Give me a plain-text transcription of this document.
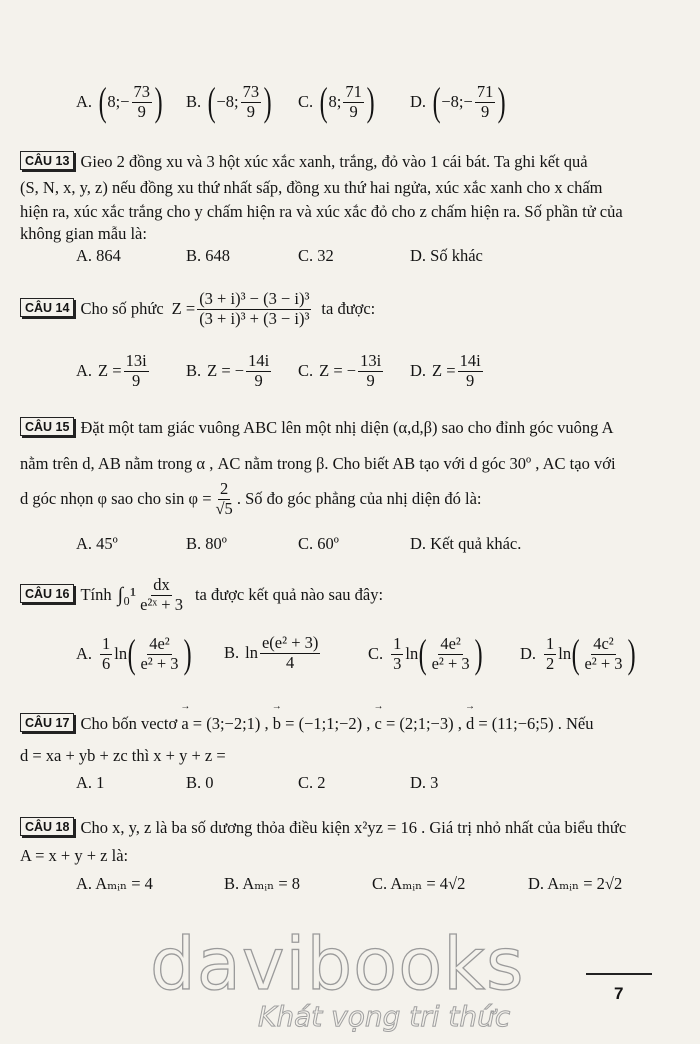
A. ( 8;− $\frac{73}{9}$ ) B. ( −8; $\frac{73}{9}$ ) C. ( 8; $\frac{71}{9}$ ) D. ( −8;− $\frac{71}{9}$ )
CÂU 13 Gieo 2 đồng xu và 3 hột xúc xắc xanh, trắng, đỏ vào 1 cái bát. Ta ghi kết quả
(S, N, x, y, z) nếu đồng xu thứ nhất sấp, đồng xu thứ hai ngửa, xúc xắc xanh cho x chấm
hiện ra, xúc xắc trắng cho y chấm hiện ra và xúc xắc đỏ cho z chấm hiện ra. Số phần tử của
không gian mẫu là:
A. 864	B. 648	C. 32	D. Số khác
CÂU 14 Cho số phức $Z = \frac{\text{(3 + i)³ − (3 − i)³}}{\text{(3 + i)³ + (3 − i)³}}$ ta được:
A. $Z = \frac{13i}{9} B$. Z = − $\frac{14i}{9} C$. Z = − $\frac{13i}{9} D$. $Z = \frac{14i}{9}$
CÂU 15 Đặt một tam giác vuông ABC lên một nhị diện (α,d,β) sao cho đỉnh góc vuông A
nằm trên d, AB nằm trong α , AC nằm trong β. Cho biết AB tạo với d góc 30º , AC tạo với
d góc nhọn φ sao cho $\sin \varphi = \frac{2}{√5}$ . Số đo góc phẳng của nhị diện đó là:
A. 45º	B. 80º	C. 60º	D. Kết quả khác.
CÂU 16 Tính $\int_0^1 \frac{dx}{\text{e²ˣ + 3}}$ ta được kết quả nào sau đây:
A. $\frac{1}{6}$ ln ( $\frac{\text{4e²}}{\text{e² + 3}}$ ) B. $\ln \frac{\text{e(e² + 3)}}{4}$	C. $\frac{1}{3}$ ln ( $\frac{\text{4e²}}{\text{e² + 3}}$ ) D. $\frac{1}{2}$ ln ( $\frac{\text{4c²}}{\text{e² + 3}}$ )
CÂU 17 Cho bốn vectơ → a = (3;−2;1) , → b = (−1;1;−2) , → c = (2;1;−3) , → d = (11;−6;5) . Nếu
d = xa + yb + zc thì x + y + z =
A. 1	B. 0	C. 2	D. 3
CÂU 18 Cho x, y, z là ba số dương thỏa điều kiện x²yz = 16 . Giá trị nhỏ nhất của biểu thức
A = x + y + z là:
A. Aₘᵢₙ = 4	B. Aₘᵢₙ = 8	C. Aₘᵢₙ = 4√2	D. Aₘᵢₙ = 2√2
davibooks
Khát vọng tri thức
7
